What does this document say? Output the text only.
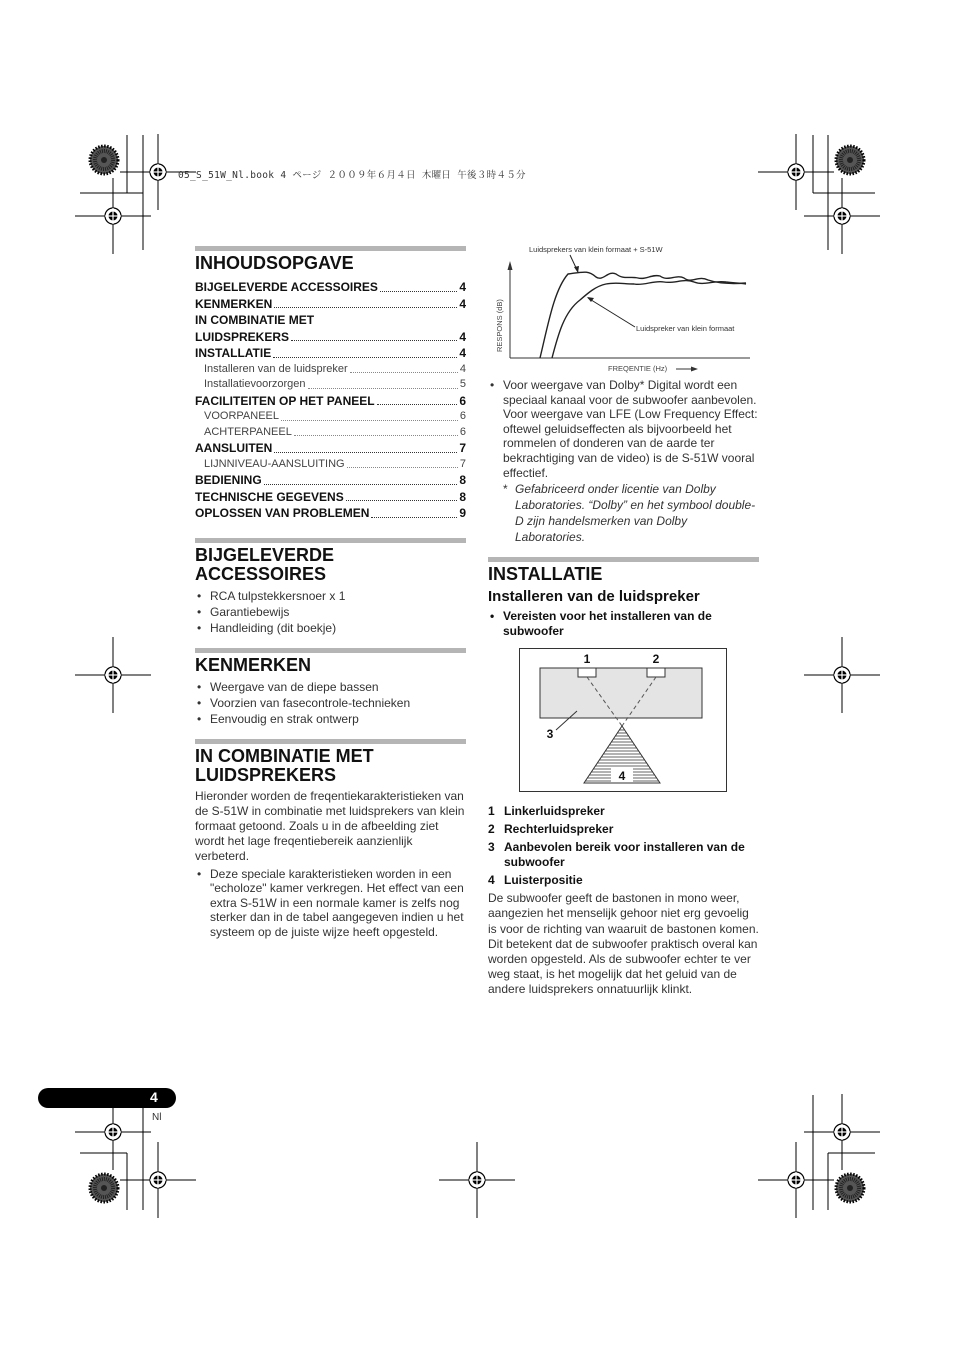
05_S_51W_Nl.book 4 ページ ２００９年６月４日 木曜日 午後３時４５分
INHOUDSOPGAVE
BIJGELEVERDE ACCESSOIRES	4
KENMERKEN	4
IN COMBINATIE MET
LUIDSPREKERS	4
INSTALLATIE	4
Installeren van de luidspreker	4
Installatievoorzorgen	5
FACILITEITEN OP HET PANEEL	6
VOORPANEEL	6
ACHTERPANEEL	6
AANSLUITEN	7
LIJNNIVEAU-AANSLUITING	7
BEDIENING	8
TECHNISCHE GEGEVENS	8
OPLOSSEN VAN PROBLEMEN	9
BIJGELEVERDE
ACCESSOIRES
• RCA tulpstekkersnoer x 1
• Garantiebewijs
• Handleiding (dit boekje)
KENMERKEN
• Weergave van de diepe bassen
• Voorzien van fasecontrole-technieken
• Eenvoudig en strak ontwerp
IN COMBINATIE MET
LUIDSPREKERS

Hieronder worden de freqentiekarakteristieken van de S-51W in combinatie met luidsprekers van klein formaat getoond. Zoals u in de afbeelding ziet wordt het lage freqentiebereik aanzienlijk verbeterd.

• Deze speciale karakteristieken worden in een "echoloze" kamer verkregen. Het effect van een extra S-51W in een normale kamer is zelfs nog sterker dan in de tabel aangegeven indien u het systeem op de juiste wijze heeft opgesteld.
Luidsprekers van klein formaat + S-51W
Luidspreker van klein formaat
RESPONS (dB)
FREQENTIE (Hz)
• Voor weergave van Dolby* Digital wordt een speciaal kanaal voor de subwoofer aanbevolen. Voor weergave van LFE (Low Frequency Effect: oftewel geluidseffecten als bijvoorbeeld het rommelen of donderen van de aarde ter bekrachtiging van de video) is de S-51W vooral effectief.
* Gefabriceerd onder licentie van Dolby Laboratories. “Dolby” en het symbool double-D zijn handelsmerken van Dolby Laboratories.
INSTALLATIE
Installeren van de luidspreker
• Vereisten voor het installeren van de subwoofer
4
1	2
3
1 Linkerluidspreker
2 Rechterluidspreker
3 Aanbevolen bereik voor installeren van de subwoofer
4 Luisterpositie

De subwoofer geeft de bastonen in mono weer, aangezien het menselijk gehoor niet erg gevoelig is voor de richting van waaruit de bastonen komen. Dit betekent dat de subwoofer praktisch overal kan worden opgesteld. Als de subwoofer echter te ver weg staat, is het mogelijk dat het geluid van de andere luidsprekers onnatuurlijk klinkt.

4
Nl
